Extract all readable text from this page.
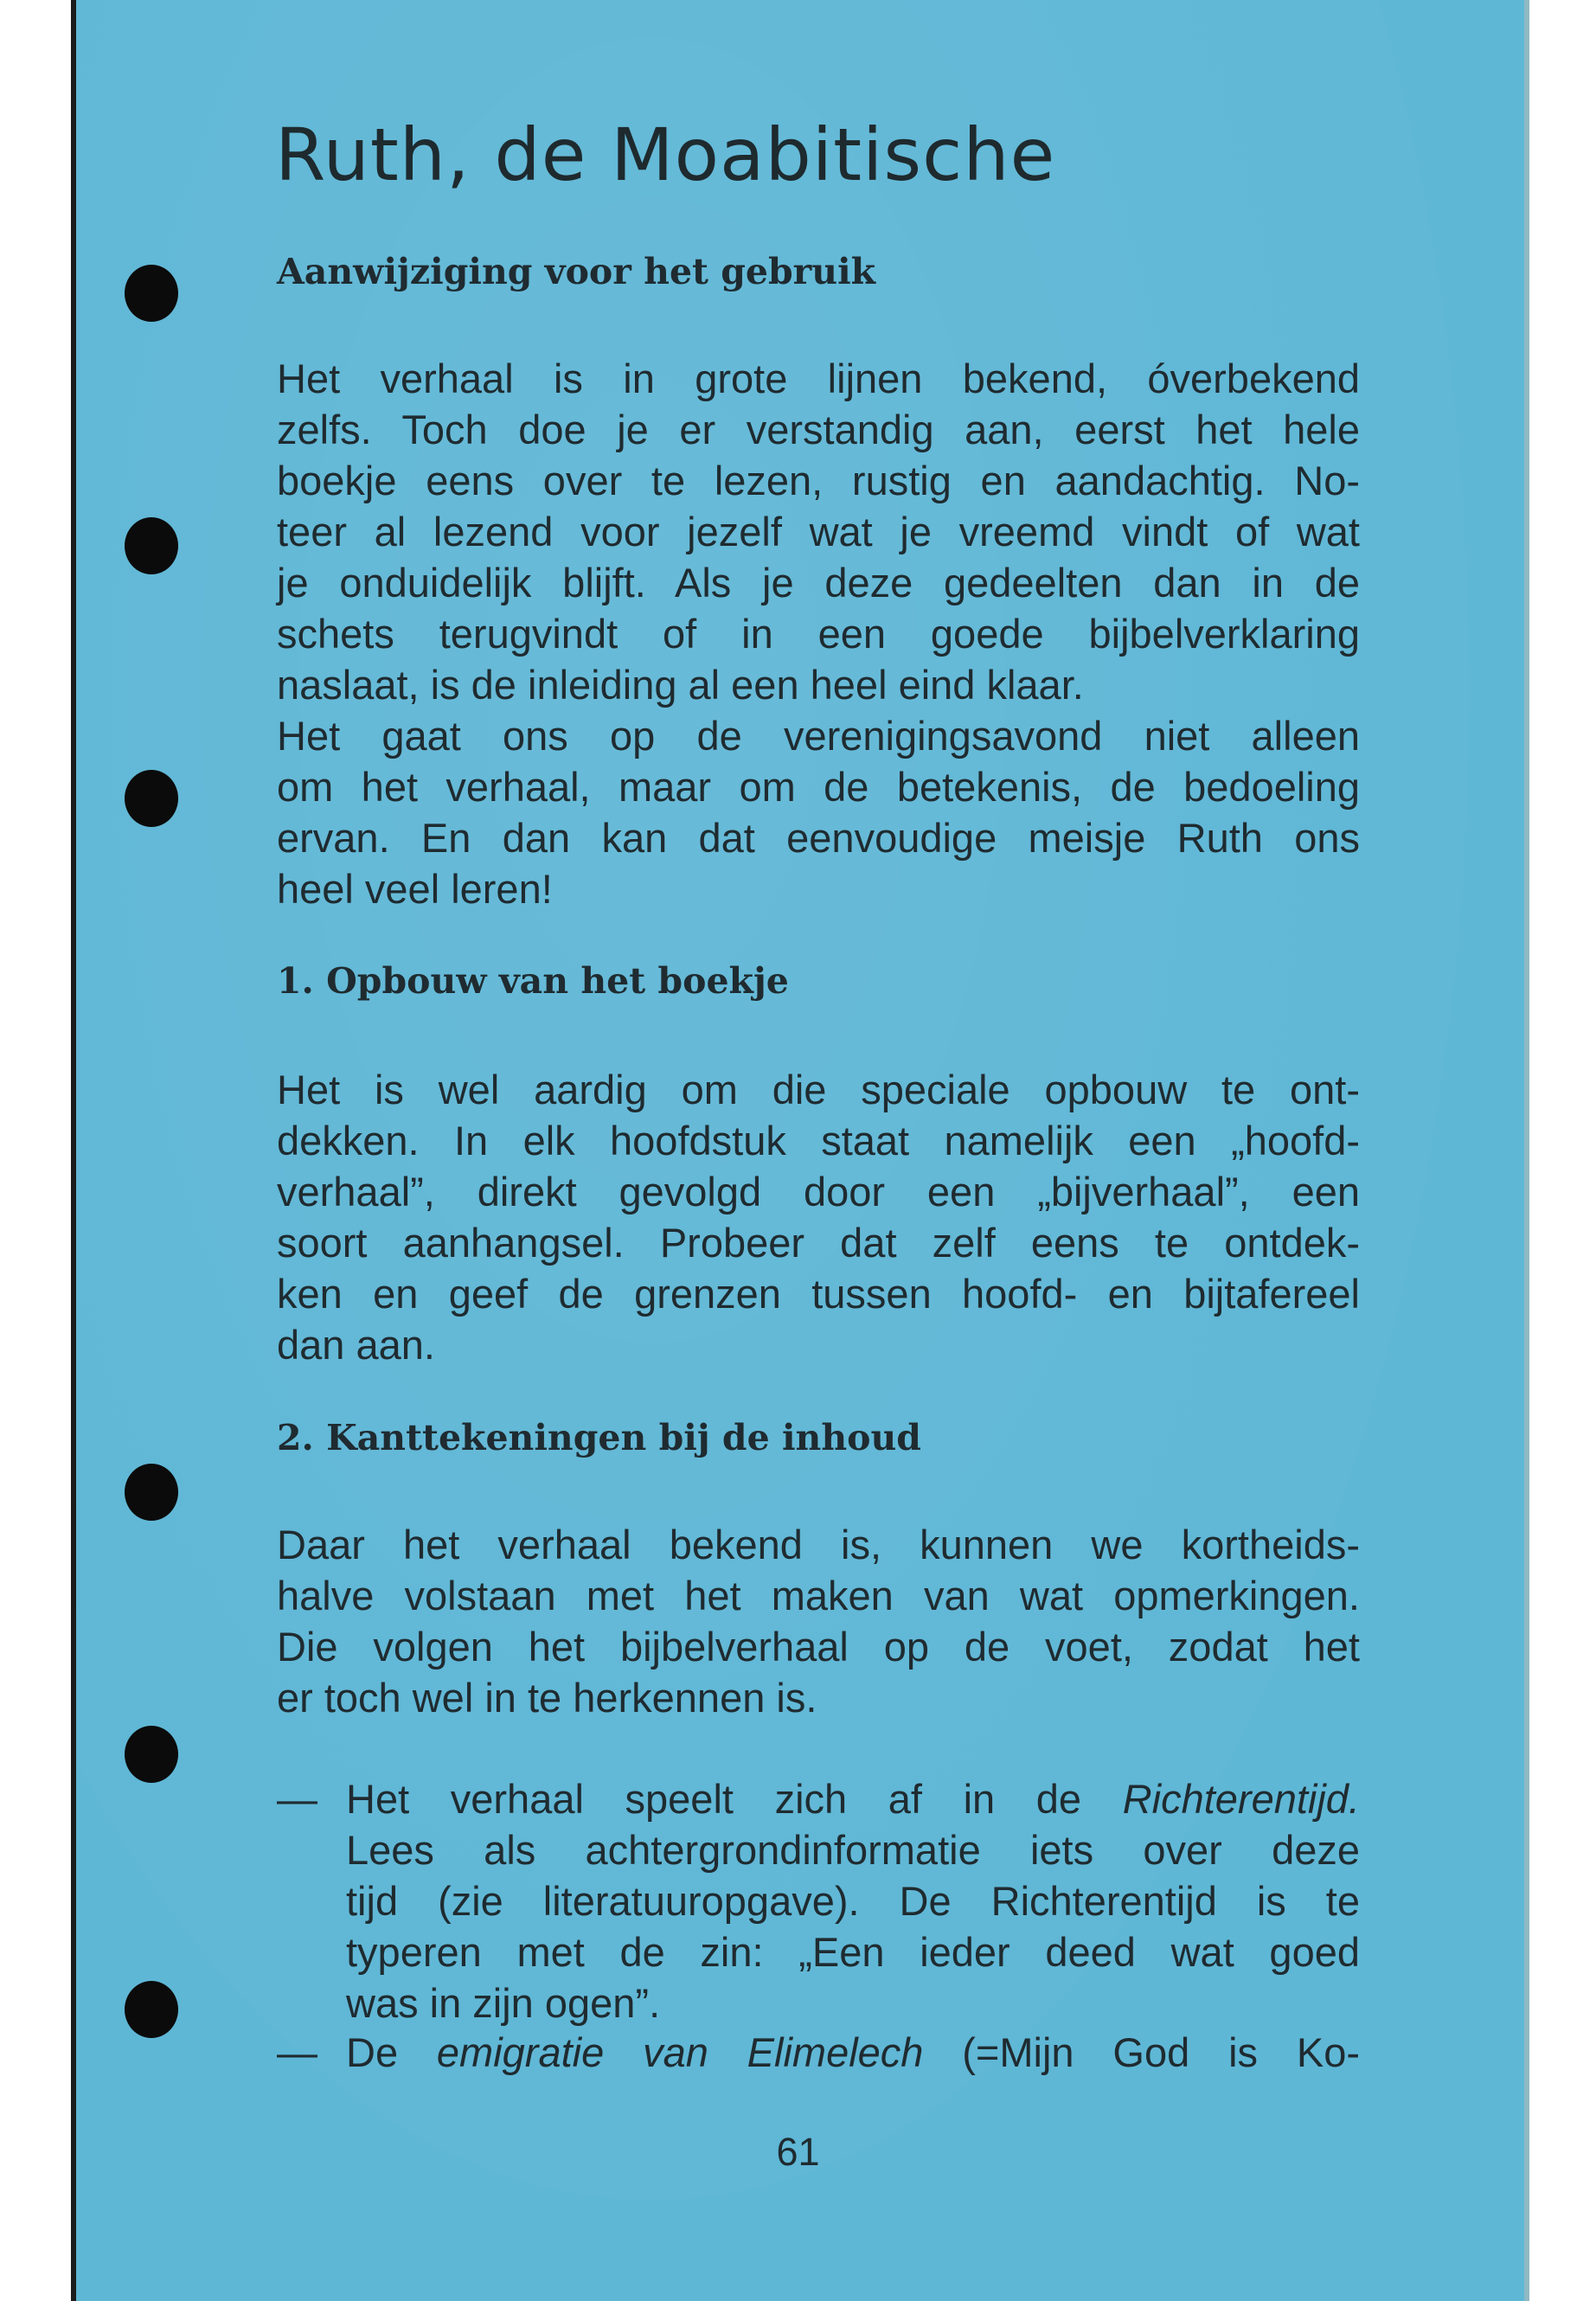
Ruth, de Moabitische
Aanwijziging voor het gebruik
Het verhaal is in grote lijnen bekend, óverbekend
zelfs. Toch doe je er verstandig aan, eerst het hele
boekje eens over te lezen, rustig en aandachtig. No-
teer al lezend voor jezelf wat je vreemd vindt of wat
je onduidelijk blijft. Als je deze gedeelten dan in de
schets terugvindt of in een goede bijbelverklaring
naslaat, is de inleiding al een heel eind klaar.
Het gaat ons op de verenigingsavond niet alleen
om het verhaal, maar om de betekenis, de bedoeling
ervan. En dan kan dat eenvoudige meisje Ruth ons
heel veel leren!
1. Opbouw van het boekje
Het is wel aardig om die speciale opbouw te ont-
dekken. In elk hoofdstuk staat namelijk een „hoofd-
verhaal”, direkt gevolgd door een „bijverhaal”, een
soort aanhangsel. Probeer dat zelf eens te ontdek-
ken en geef de grenzen tussen hoofd- en bijtafereel
dan aan.
2. Kanttekeningen bij de inhoud
Daar het verhaal bekend is, kunnen we kortheids-
halve volstaan met het maken van wat opmerkingen.
Die volgen het bijbelverhaal op de voet, zodat het
er toch wel in te herkennen is.
— Het verhaal speelt zich af in de Richterentijd.
Lees als achtergrondinformatie iets over deze
tijd (zie literatuuropgave). De Richterentijd is te
typeren met de zin: „Een ieder deed wat goed
was in zijn ogen”.
— De emigratie van Elimelech (=Mijn God is Ko-
61
